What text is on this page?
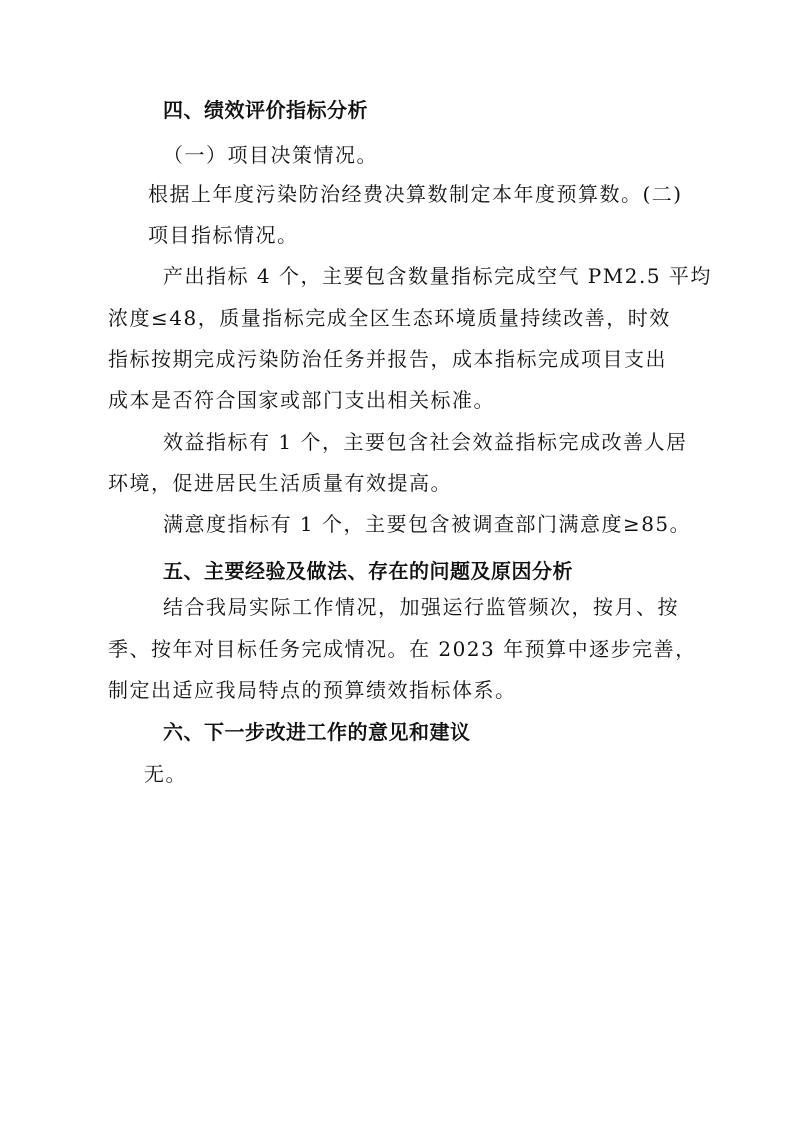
四、绩效评价指标分析
（一）项目决策情况。
根据上年度污染防治经费决算数制定本年度预算数。(二)
项目指标情况。
产出指标 4 个，主要包含数量指标完成空气 PM2.5 平均
浓度≤48，质量指标完成全区生态环境质量持续改善，时效
指标按期完成污染防治任务并报告，成本指标完成项目支出
成本是否符合国家或部门支出相关标准。
效益指标有 1 个，主要包含社会效益指标完成改善人居
环境，促进居民生活质量有效提高。
满意度指标有 1 个，主要包含被调查部门满意度≥85。
五、主要经验及做法、存在的问题及原因分析
结合我局实际工作情况，加强运行监管频次，按月、按
季、按年对目标任务完成情况。在 2023 年预算中逐步完善，
制定出适应我局特点的预算绩效指标体系。
六、下一步改进工作的意见和建议
无。
